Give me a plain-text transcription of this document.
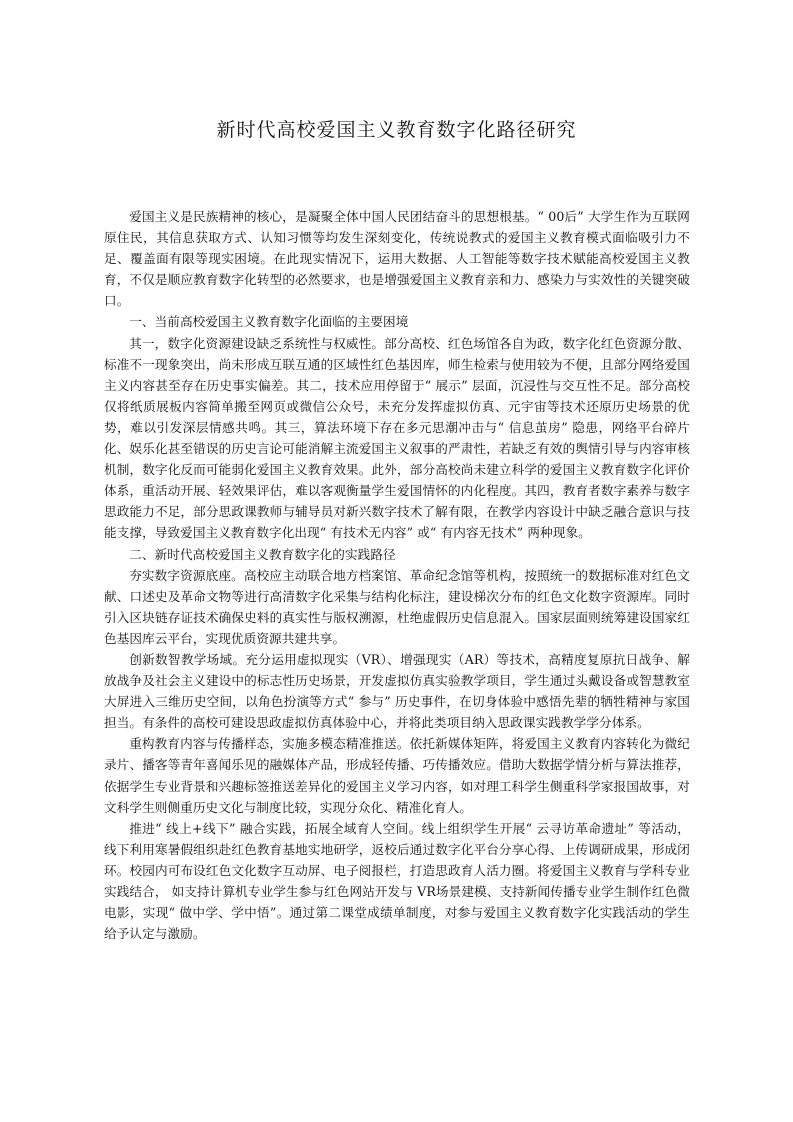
新时代高校爱国主义教育数字化路径研究

爱国主义是民族精神的核心，是凝聚全体中国人民团结奋斗的思想根基。“ 00后” 大学生作为互联网原住民，其信息获取方式、认知习惯等均发生深刻变化，传统说教式的爱国主义教育模式面临吸引力不足、覆盖面有限等现实困境。在此现实情况下，运用大数据、人工智能等数字技术赋能高校爱国主义教育，不仅是顺应教育数字化转型的必然要求，也是增强爱国主义教育亲和力、感染力与实效性的关键突破口。

一、当前高校爱国主义教育数字化面临的主要困境

其一，数字化资源建设缺乏系统性与权威性。部分高校、红色场馆各自为政，数字化红色资源分散、标准不一现象突出，尚未形成互联互通的区域性红色基因库，师生检索与使用较为不便，且部分网络爱国主义内容甚至存在历史事实偏差。其二，技术应用停留于“ 展示” 层面，沉浸性与交互性不足。部分高校仅将纸质展板内容简单搬至网页或微信公众号，未充分发挥虚拟仿真、元宇宙等技术还原历史场景的优势，难以引发深层情感共鸣。其三，算法环境下存在多元思潮冲击与“ 信息茧房” 隐患，网络平台碎片化、娱乐化甚至错误的历史言论可能消解主流爱国主义叙事的严肃性，若缺乏有效的舆情引导与内容审核机制，数字化反而可能弱化爱国主义教育效果。此外，部分高校尚未建立科学的爱国主义教育数字化评价体系，重活动开展、轻效果评估，难以客观衡量学生爱国情怀的内化程度。其四，教育者数字素养与数字思政能力不足，部分思政课教师与辅导员对新兴数字技术了解有限，在教学内容设计中缺乏融合意识与技能支撑，导致爱国主义教育数字化出现“ 有技术无内容” 或“ 有内容无技术” 两种现象。

二、新时代高校爱国主义教育数字化的实践路径

夯实数字资源底座。高校应主动联合地方档案馆、革命纪念馆等机构，按照统一的数据标准对红色文献、口述史及革命文物等进行高清数字化采集与结构化标注，建设梯次分布的红色文化数字资源库。同时引入区块链存证技术确保史料的真实性与版权溯源，杜绝虚假历史信息混入。国家层面则统筹建设国家红色基因库云平台，实现优质资源共建共享。

创新数智教学场域。充分运用虚拟现实（VR）、增强现实（AR）等技术，高精度复原抗日战争、解放战争及社会主义建设中的标志性历史场景，开发虚拟仿真实验教学项目，学生通过头戴设备或智慧教室大屏进入三维历史空间，以角色扮演等方式“ 参与” 历史事件，在切身体验中感悟先辈的牺牲精神与家国担当。有条件的高校可建设思政虚拟仿真体验中心，并将此类项目纳入思政课实践教学学分体系。

重构教育内容与传播样态，实施多模态精准推送。依托新媒体矩阵，将爱国主义教育内容转化为微纪录片、播客等青年喜闻乐见的融媒体产品，形成轻传播、巧传播效应。借助大数据学情分析与算法推荐，依据学生专业背景和兴趣标签推送差异化的爱国主义学习内容，如对理工科学生侧重科学家报国故事，对文科学生则侧重历史文化与制度比较，实现分众化、精准化育人。

推进“ 线上+线下” 融合实践，拓展全域育人空间。线上组织学生开展“ 云寻访革命遗址” 等活动，线下利用寒暑假组织赴红色教育基地实地研学，返校后通过数字化平台分享心得、上传调研成果，形成闭环。校园内可布设红色文化数字互动屏、电子阅报栏，打造思政育人活力圈。将爱国主义教育与学科专业实践结合， 如支持计算机专业学生参与红色网站开发与 VR场景建模、支持新闻传播专业学生制作红色微电影，实现“ 做中学、学中悟”。通过第二课堂成绩单制度，对参与爱国主义教育数字化实践活动的学生给予认定与激励。
